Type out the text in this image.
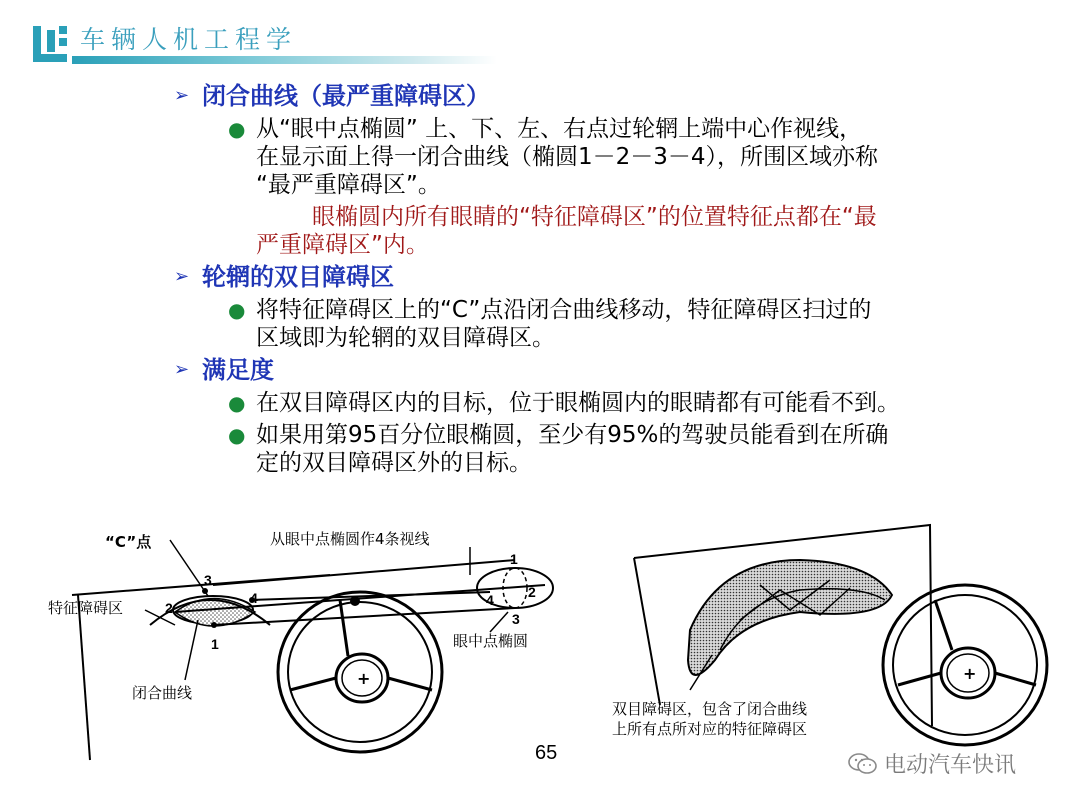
车辆人机工程学
➢ 闭合曲线（最严重障碍区）
● 从“眼中点椭圆” 上、下、左、右点过轮辋上端中心作视线，
在显示面上得一闭合曲线（椭圆1－2－3－4），所围区域亦称
“最严重障碍区”。
眼椭圆内所有眼睛的“特征障碍区”的位置特征点都在“最
严重障碍区”内。
➢ 轮辋的双目障碍区
● 将特征障碍区上的“C”点沿闭合曲线移动，特征障碍区扫过的
区域即为轮辋的双目障碍区。
➢ 满足度
● 在双目障碍区内的目标，位于眼椭圆内的眼睛都有可能看不到。
● 如果用第95百分位眼椭圆，至少有95%的驾驶员能看到在所确
定的双目障碍区外的目标。
+	+
“C”点	从眼中点椭圆作4条视线
特征障碍区
闭合曲线
眼中点椭圆
3
2
4
1
1
4 2
3
双目障碍区，包含了闭合曲线
上所有点所对应的特征障碍区
65	电动汽车快讯
